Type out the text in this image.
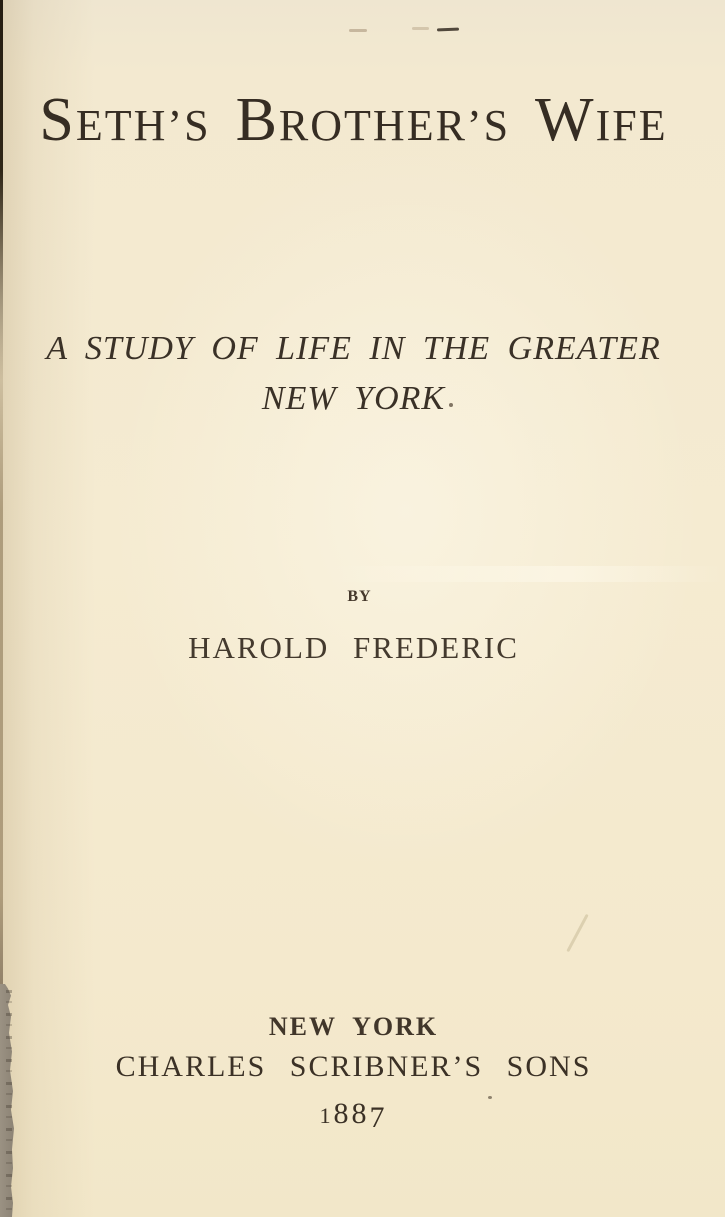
SETH’S BROTHER’S WIFE
A STUDY OF LIFE IN THE GREATER
NEW YORK
BY
HAROLD FREDERIC
NEW YORK
CHARLES SCRIBNER’S SONS
1887
